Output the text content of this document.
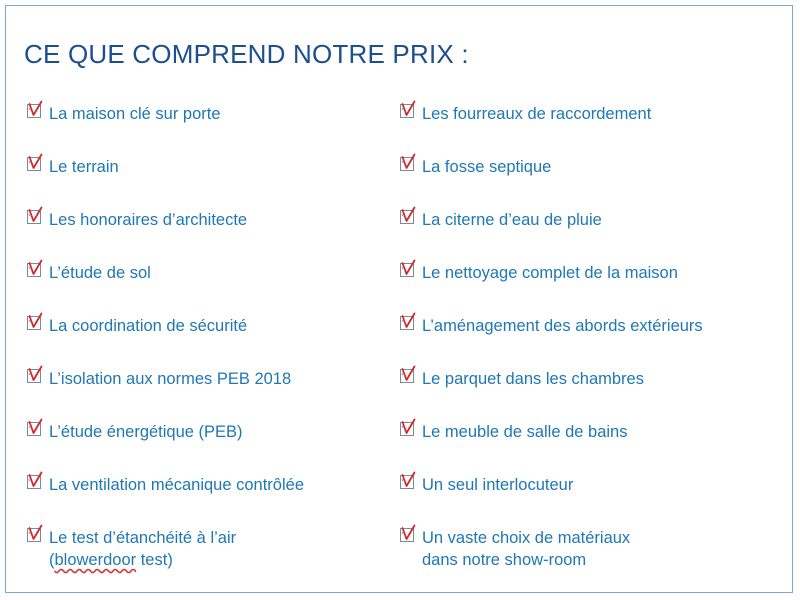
CE QUE COMPREND NOTRE PRIX :
La maison clé sur porte
Le terrain
Les honoraires d’architecte
L’étude de sol
La coordination de sécurité
L’isolation aux normes PEB 2018
L’étude énergétique (PEB)
La ventilation mécanique contrôlée
Le test d’étanchéité à l’air
(blowerdoor test)
Les fourreaux de raccordement
La fosse septique
La citerne d’eau de pluie
Le nettoyage complet de la maison
L’aménagement des abords extérieurs
Le parquet dans les chambres
Le meuble de salle de bains
Un seul interlocuteur
Un vaste choix de matériaux
dans notre show-room
